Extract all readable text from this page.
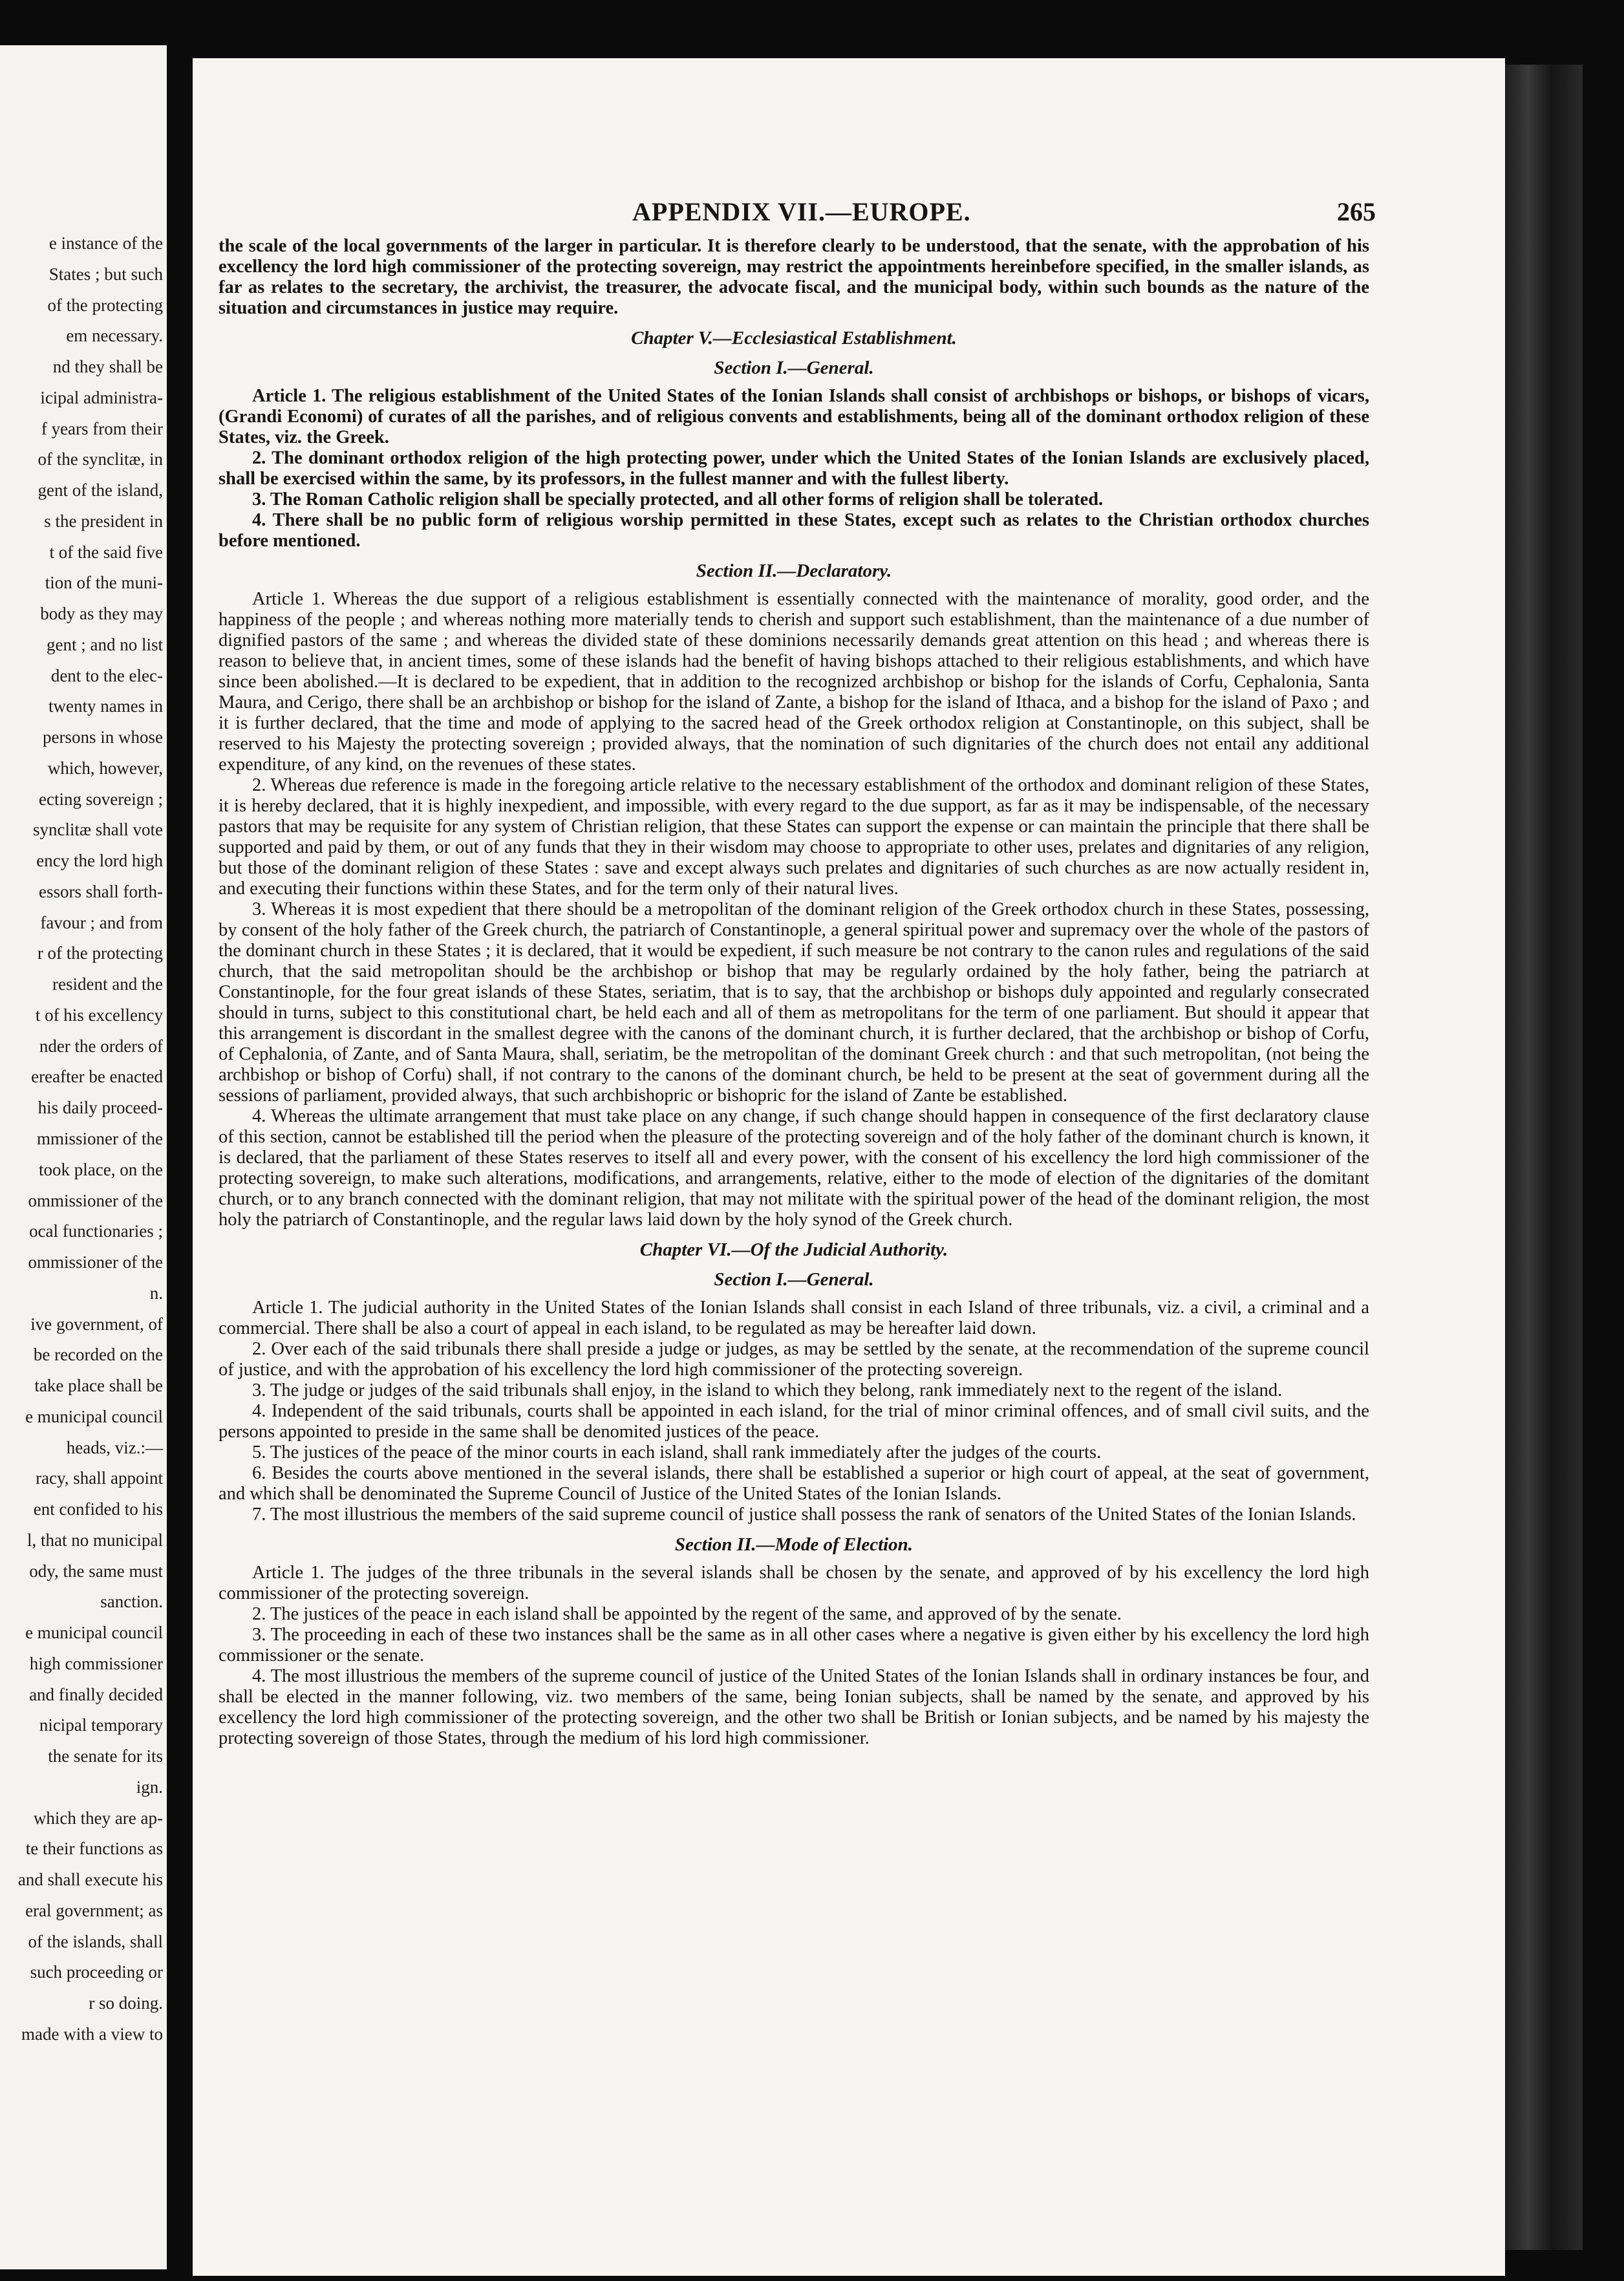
e instance of the
States ; but such
of the protecting
em necessary.
nd they shall be
icipal administra-
f years from their
of the synclitæ, in
gent of the island,
s the president in
t of the said five
tion of the muni-
body as they may
gent ; and no list
dent to the elec-
twenty names in
persons in whose
which, however,
ecting sovereign ;
synclitæ shall vote
ency the lord high
essors shall forth-
favour ; and from
r of the protecting
resident and the
t of his excellency
nder the orders of
ereafter be enacted
his daily proceed-
mmissioner of the
took place, on the
ommissioner of the
ocal functionaries ;
ommissioner of the
n.
ive government, of
be recorded on the
take place shall be
e municipal council
heads, viz.:—
racy, shall appoint
ent confided to his
l, that no municipal
ody, the same must
sanction.
e municipal council
high commissioner
and finally decided
nicipal temporary
the senate for its
ign.
which they are ap-
te their functions as
and shall execute his
eral government; as
of the islands, shall
such proceeding or
r so doing.
made with a view to
APPENDIX VII.—EUROPE.	265

the scale of the local governments of the larger in particular. It is therefore clearly to be understood, that the senate, with the approbation of his excellency the lord high commissioner of the protecting sovereign, may restrict the appointments hereinbefore specified, in the smaller islands, as far as relates to the secretary, the archivist, the treasurer, the advocate fiscal, and the municipal body, within such bounds as the nature of the situation and circumstances in justice may require.

Chapter V.—Ecclesiastical Establishment.
Section I.—General.

Article 1. The religious establishment of the United States of the Ionian Islands shall consist of archbishops or bishops, or bishops of vicars, (Grandi Economi) of curates of all the parishes, and of religious convents and establishments, being all of the dominant orthodox religion of these States, viz. the Greek.

2. The dominant orthodox religion of the high protecting power, under which the United States of the Ionian Islands are exclusively placed, shall be exercised within the same, by its professors, in the fullest manner and with the fullest liberty.

3. The Roman Catholic religion shall be specially protected, and all other forms of religion shall be tolerated.

4. There shall be no public form of religious worship permitted in these States, except such as relates to the Christian orthodox churches before mentioned.

Section II.—Declaratory.

Article 1. Whereas the due support of a religious establishment is essentially connected with the maintenance of morality, good order, and the happiness of the people ; and whereas nothing more materially tends to cherish and support such establishment, than the maintenance of a due number of dignified pastors of the same ; and whereas the divided state of these dominions necessarily demands great attention on this head ; and whereas there is reason to believe that, in ancient times, some of these islands had the benefit of having bishops attached to their religious establishments, and which have since been abolished.—It is declared to be expedient, that in addition to the recognized archbishop or bishop for the islands of Corfu, Cephalonia, Santa Maura, and Cerigo, there shall be an archbishop or bishop for the island of Zante, a bishop for the island of Ithaca, and a bishop for the island of Paxo ; and it is further declared, that the time and mode of applying to the sacred head of the Greek orthodox religion at Constantinople, on this subject, shall be reserved to his Majesty the protecting sovereign ; provided always, that the nomination of such dignitaries of the church does not entail any additional expenditure, of any kind, on the revenues of these states.

2. Whereas due reference is made in the foregoing article relative to the necessary establishment of the orthodox and dominant religion of these States, it is hereby declared, that it is highly inexpedient, and impossible, with every regard to the due support, as far as it may be indispensable, of the necessary pastors that may be requisite for any system of Christian religion, that these States can support the expense or can maintain the principle that there shall be supported and paid by them, or out of any funds that they in their wisdom may choose to appropriate to other uses, prelates and dignitaries of any religion, but those of the dominant religion of these States : save and except always such prelates and dignitaries of such churches as are now actually resident in, and executing their functions within these States, and for the term only of their natural lives.

3. Whereas it is most expedient that there should be a metropolitan of the dominant religion of the Greek orthodox church in these States, possessing, by consent of the holy father of the Greek church, the patriarch of Constantinople, a general spiritual power and supremacy over the whole of the pastors of the dominant church in these States ; it is declared, that it would be expedient, if such measure be not contrary to the canon rules and regulations of the said church, that the said metropolitan should be the archbishop or bishop that may be regularly ordained by the holy father, being the patriarch at Constantinople, for the four great islands of these States, seriatim, that is to say, that the archbishop or bishops duly appointed and regularly consecrated should in turns, subject to this constitutional chart, be held each and all of them as metropolitans for the term of one parliament. But should it appear that this arrangement is discordant in the smallest degree with the canons of the dominant church, it is further declared, that the archbishop or bishop of Corfu, of Cephalonia, of Zante, and of Santa Maura, shall, seriatim, be the metropolitan of the dominant Greek church : and that such metropolitan, (not being the archbishop or bishop of Corfu) shall, if not contrary to the canons of the dominant church, be held to be present at the seat of government during all the sessions of parliament, provided always, that such archbishopric or bishopric for the island of Zante be established.

4. Whereas the ultimate arrangement that must take place on any change, if such change should happen in consequence of the first declaratory clause of this section, cannot be established till the period when the pleasure of the protecting sovereign and of the holy father of the dominant church is known, it is declared, that the parliament of these States reserves to itself all and every power, with the consent of his excellency the lord high commissioner of the protecting sovereign, to make such alterations, modifications, and arrangements, relative, either to the mode of election of the dignitaries of the domitant church, or to any branch connected with the dominant religion, that may not militate with the spiritual power of the head of the dominant religion, the most holy the patriarch of Constantinople, and the regular laws laid down by the holy synod of the Greek church.

Chapter VI.—Of the Judicial Authority.
Section I.—General.

Article 1. The judicial authority in the United States of the Ionian Islands shall consist in each Island of three tribunals, viz. a civil, a criminal and a commercial. There shall be also a court of appeal in each island, to be regulated as may be hereafter laid down.

2. Over each of the said tribunals there shall preside a judge or judges, as may be settled by the senate, at the recommendation of the supreme council of justice, and with the approbation of his excellency the lord high commissioner of the protecting sovereign.

3. The judge or judges of the said tribunals shall enjoy, in the island to which they belong, rank immediately next to the regent of the island.

4. Independent of the said tribunals, courts shall be appointed in each island, for the trial of minor criminal offences, and of small civil suits, and the persons appointed to preside in the same shall be denomited justices of the peace.

5. The justices of the peace of the minor courts in each island, shall rank immediately after the judges of the courts.

6. Besides the courts above mentioned in the several islands, there shall be established a superior or high court of appeal, at the seat of government, and which shall be denominated the Supreme Council of Justice of the United States of the Ionian Islands.

7. The most illustrious the members of the said supreme council of justice shall possess the rank of senators of the United States of the Ionian Islands.

Section II.—Mode of Election.

Article 1. The judges of the three tribunals in the several islands shall be chosen by the senate, and approved of by his excellency the lord high commissioner of the protecting sovereign.

2. The justices of the peace in each island shall be appointed by the regent of the same, and approved of by the senate.

3. The proceeding in each of these two instances shall be the same as in all other cases where a negative is given either by his excellency the lord high commissioner or the senate.

4. The most illustrious the members of the supreme council of justice of the United States of the Ionian Islands shall in ordinary instances be four, and shall be elected in the manner following, viz. two members of the same, being Ionian subjects, shall be named by the senate, and approved by his excellency the lord high commissioner of the protecting sovereign, and the other two shall be British or Ionian subjects, and be named by his majesty the protecting sovereign of those States, through the medium of his lord high commissioner.
